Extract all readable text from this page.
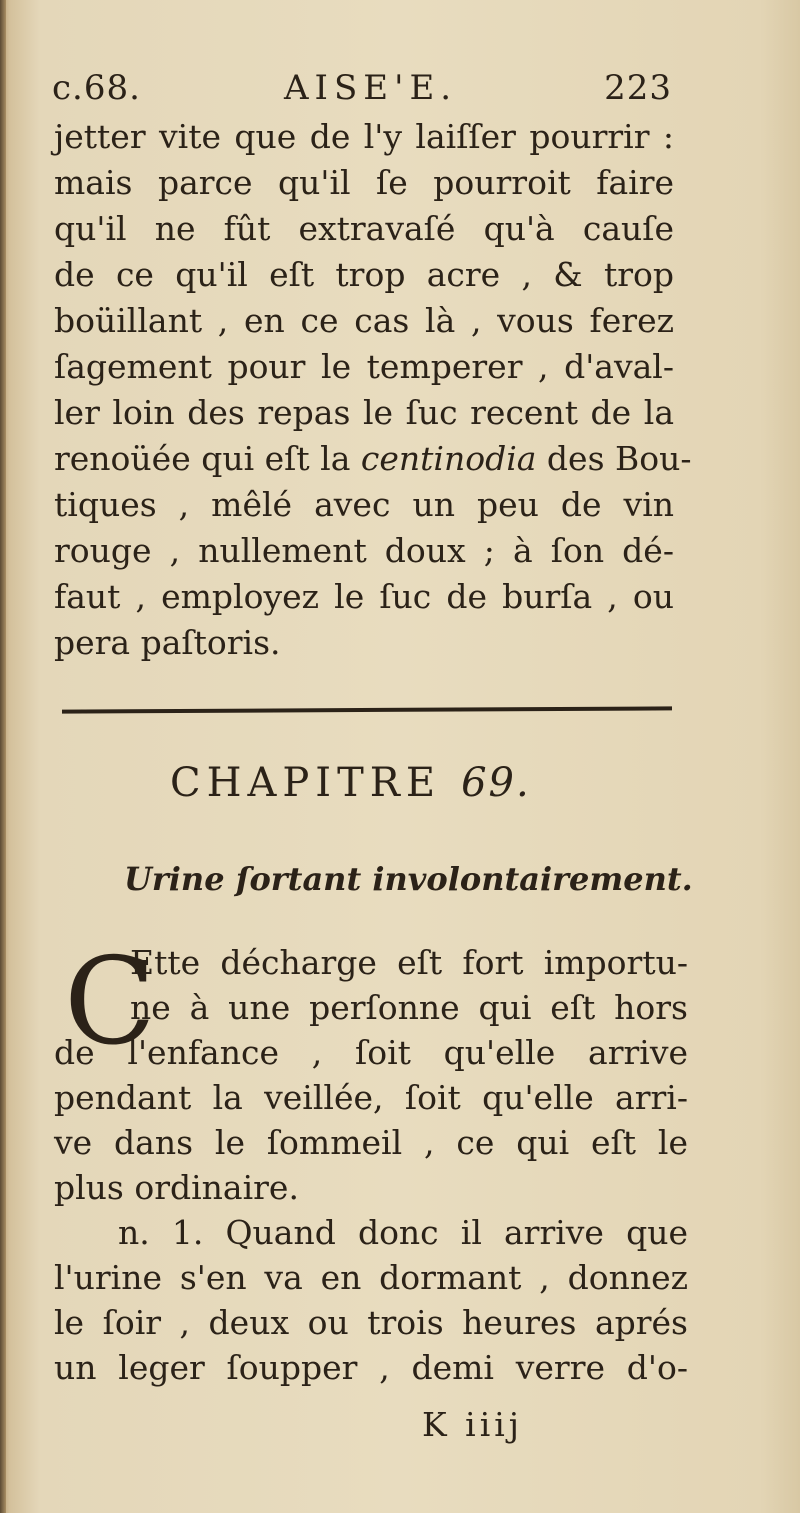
c.68.	AISE'E.	223
jetter vite que de l'y laiſſer pourrir :
mais parce qu'il ſe pourroit faire
qu'il ne fût extravaſé qu'à cauſe
de ce qu'il eſt trop acre , & trop
boüillant , en ce cas là , vous ferez
ſagement pour le temperer , d'aval-
ler loin des repas le ſuc recent de la
renoüée qui eſt la centinodia des Bou-
tiques , mêlé avec un peu de vin
rouge , nullement doux ; à ſon dé-
faut , employez le ſuc de burſa , ou
pera paſtoris.
CHAPITRE 69.
Urine ſortant involontairement.
C
Ette décharge eſt fort importu-
ne à une perſonne qui eſt hors
de l'enfance , ſoit qu'elle arrive
pendant la veillée, ſoit qu'elle arri-
ve dans le ſommeil , ce qui eſt le
plus ordinaire.
n. 1. Quand donc il arrive que
l'urine s'en va en dormant , donnez
le ſoir , deux ou trois heures aprés
un leger ſoupper , demi verre d'o-
K iiij
